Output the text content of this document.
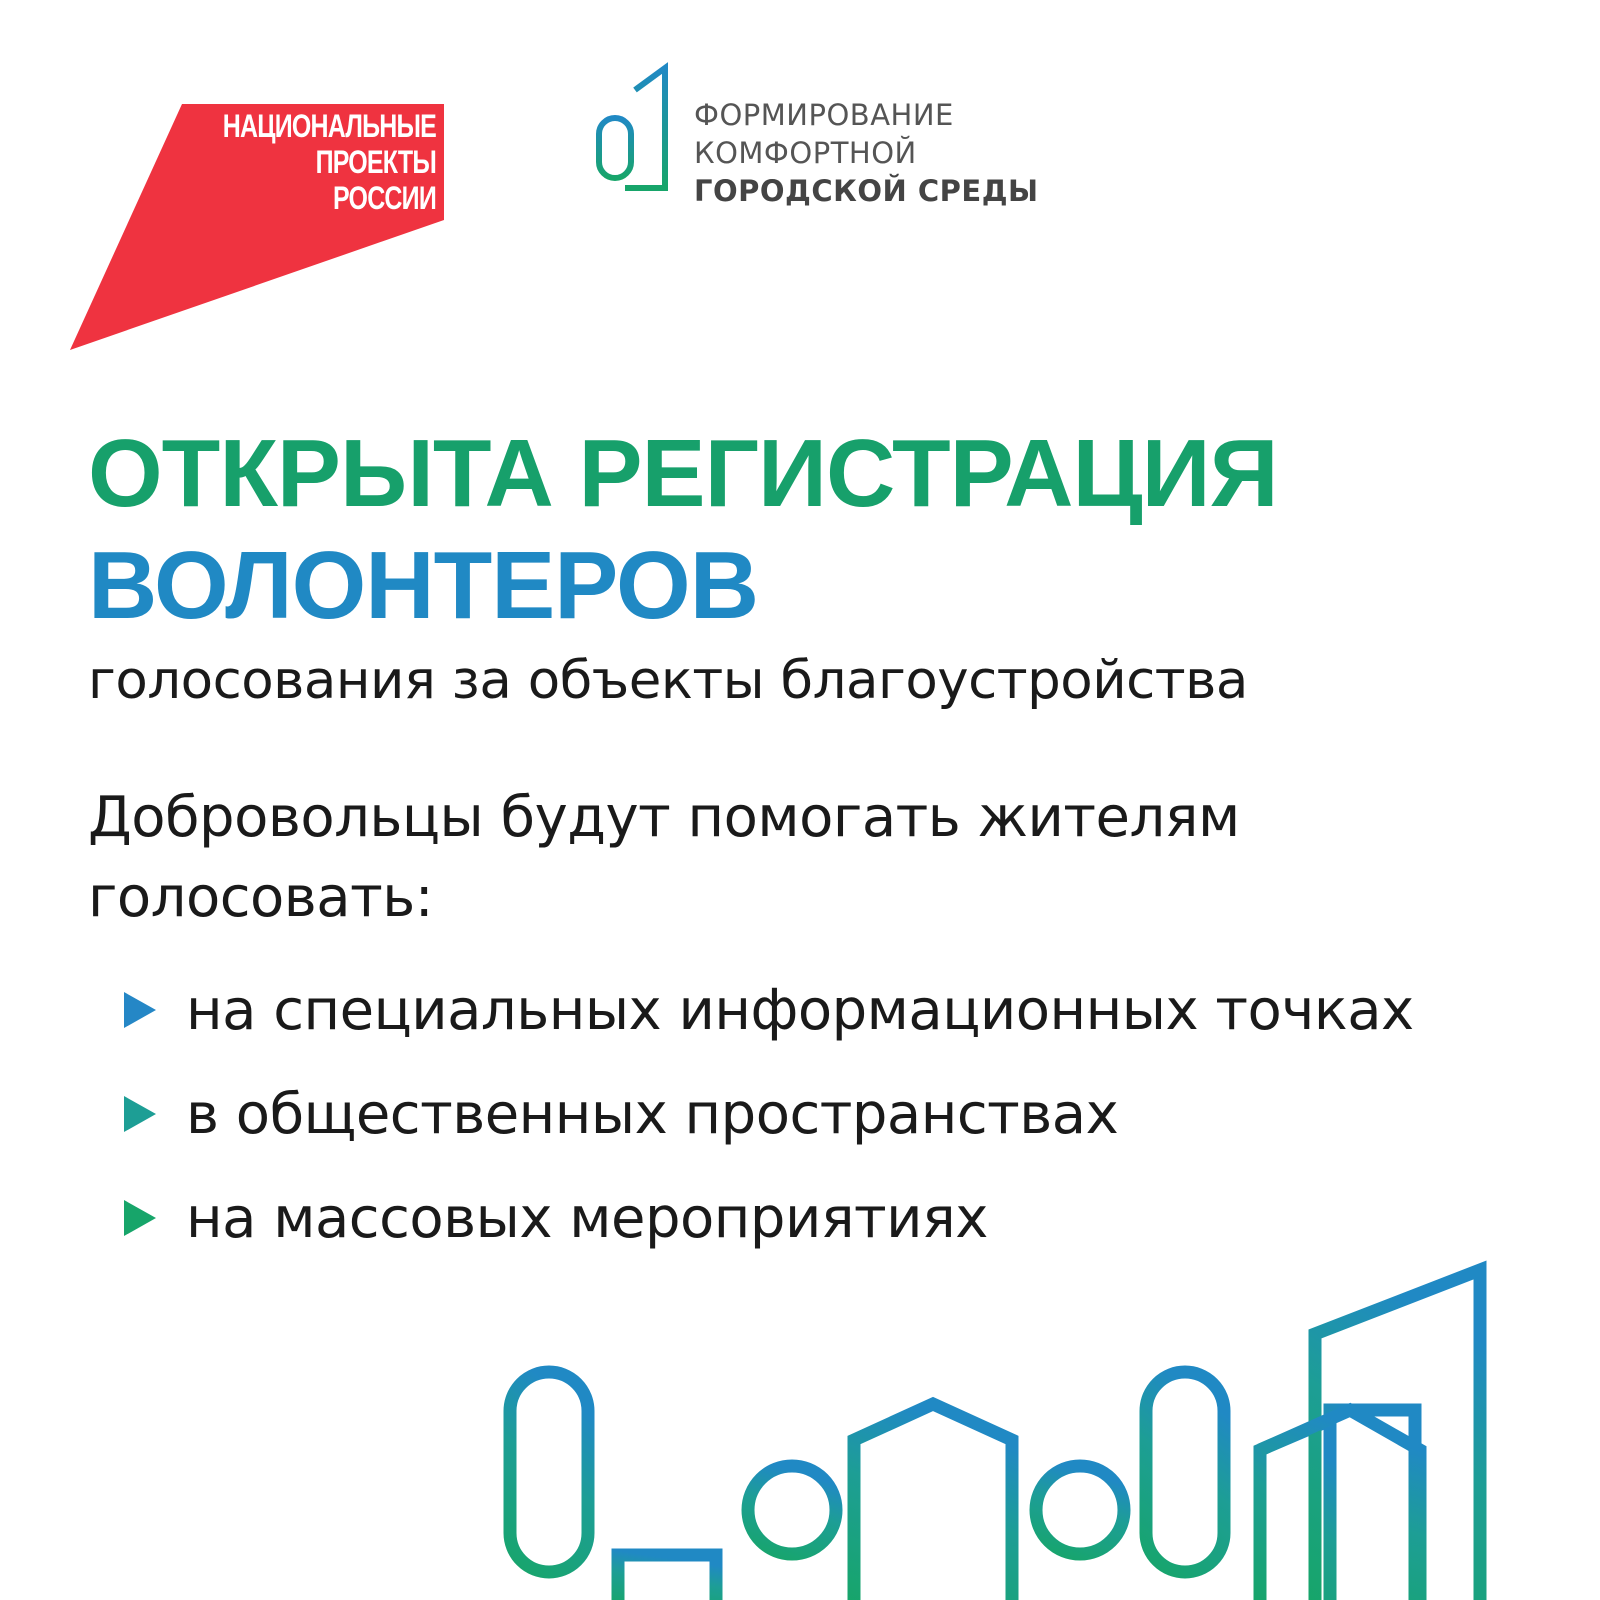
НАЦИОНАЛЬНЫЕ
ПРОЕКТЫ
РОССИИ
ФОРМИРОВАНИЕ
КОМФОРТНОЙ
ГОРОДСКОЙ СРЕДЫ
ОТКРЫТА РЕГИСТРАЦИЯ
ВОЛОНТЕРОВ
голосования за объекты благоустройства
Добровольцы будут помогать жителям голосовать:
на специальных информационных точках
в общественных пространствах
на массовых мероприятиях
